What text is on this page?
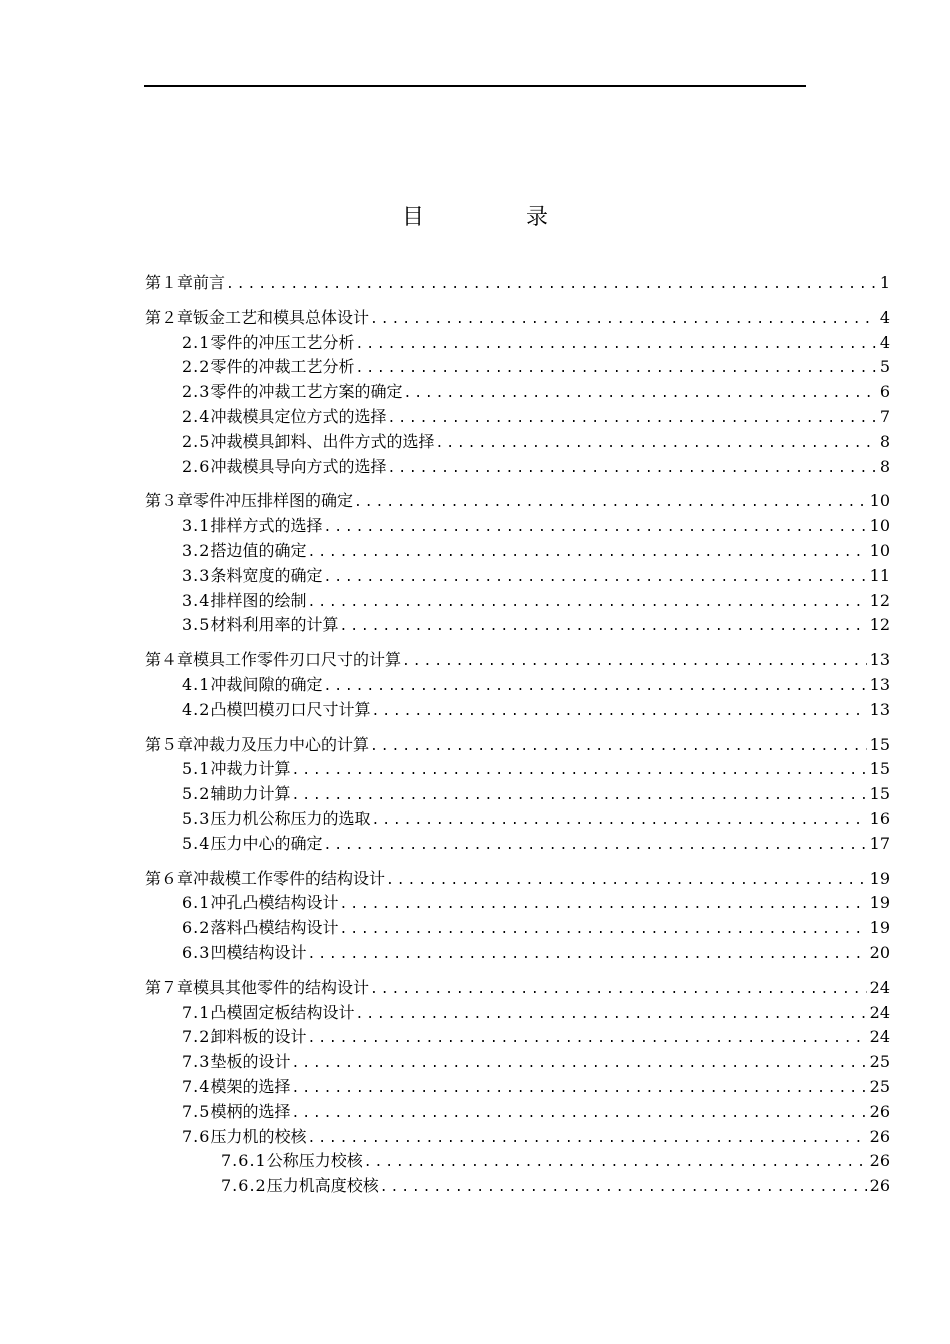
目　录
第１章 前言 .....	1
第２章 钣金工艺和模具总体设计 .....	4
2.1 零件的冲压工艺分析 .....	4
2.2 零件的冲裁工艺分析 .....	5
2.3 零件的冲裁工艺方案的确定 .....	6
2.4 冲裁模具定位方式的选择 .....	7
2.5 冲裁模具卸料、出件方式的选择 .....	8
2.6 冲裁模具导向方式的选择 .....	8
第３章 零件冲压排样图的确定 .....	10
3.1 排样方式的选择 .....	10
3.2 搭边值的确定 .....	10
3.3 条料宽度的确定 .....	11
3.4 排样图的绘制 .....	12
3.5 材料利用率的计算 .....	12
第４章 模具工作零件刃口尺寸的计算 .....	13
4.1 冲裁间隙的确定 .....	13
4.2 凸模凹模刃口尺寸计算 .....	13
第５章 冲裁力及压力中心的计算 .....	15
5.1 冲裁力计算 .....	15
5.2 辅助力计算 .....	15
5.3 压力机公称压力的选取 .....	16
5.4 压力中心的确定 .....	17
第６章 冲裁模工作零件的结构设计 .....	19
6.1 冲孔凸模结构设计 .....	19
6.2 落料凸模结构设计 .....	19
6.3 凹模结构设计 .....	20
第７章 模具其他零件的结构设计 .....	24
7.1 凸模固定板结构设计 .....	24
7.2 卸料板的设计 .....	24
7.3 垫板的设计 .....	25
7.4 模架的选择 .....	25
7.5 模柄的选择 .....	26
7.6 压力机的校核 .....	26
7.6.1 公称压力校核 .....	26
7.6.2 压力机高度校核 .....	26
